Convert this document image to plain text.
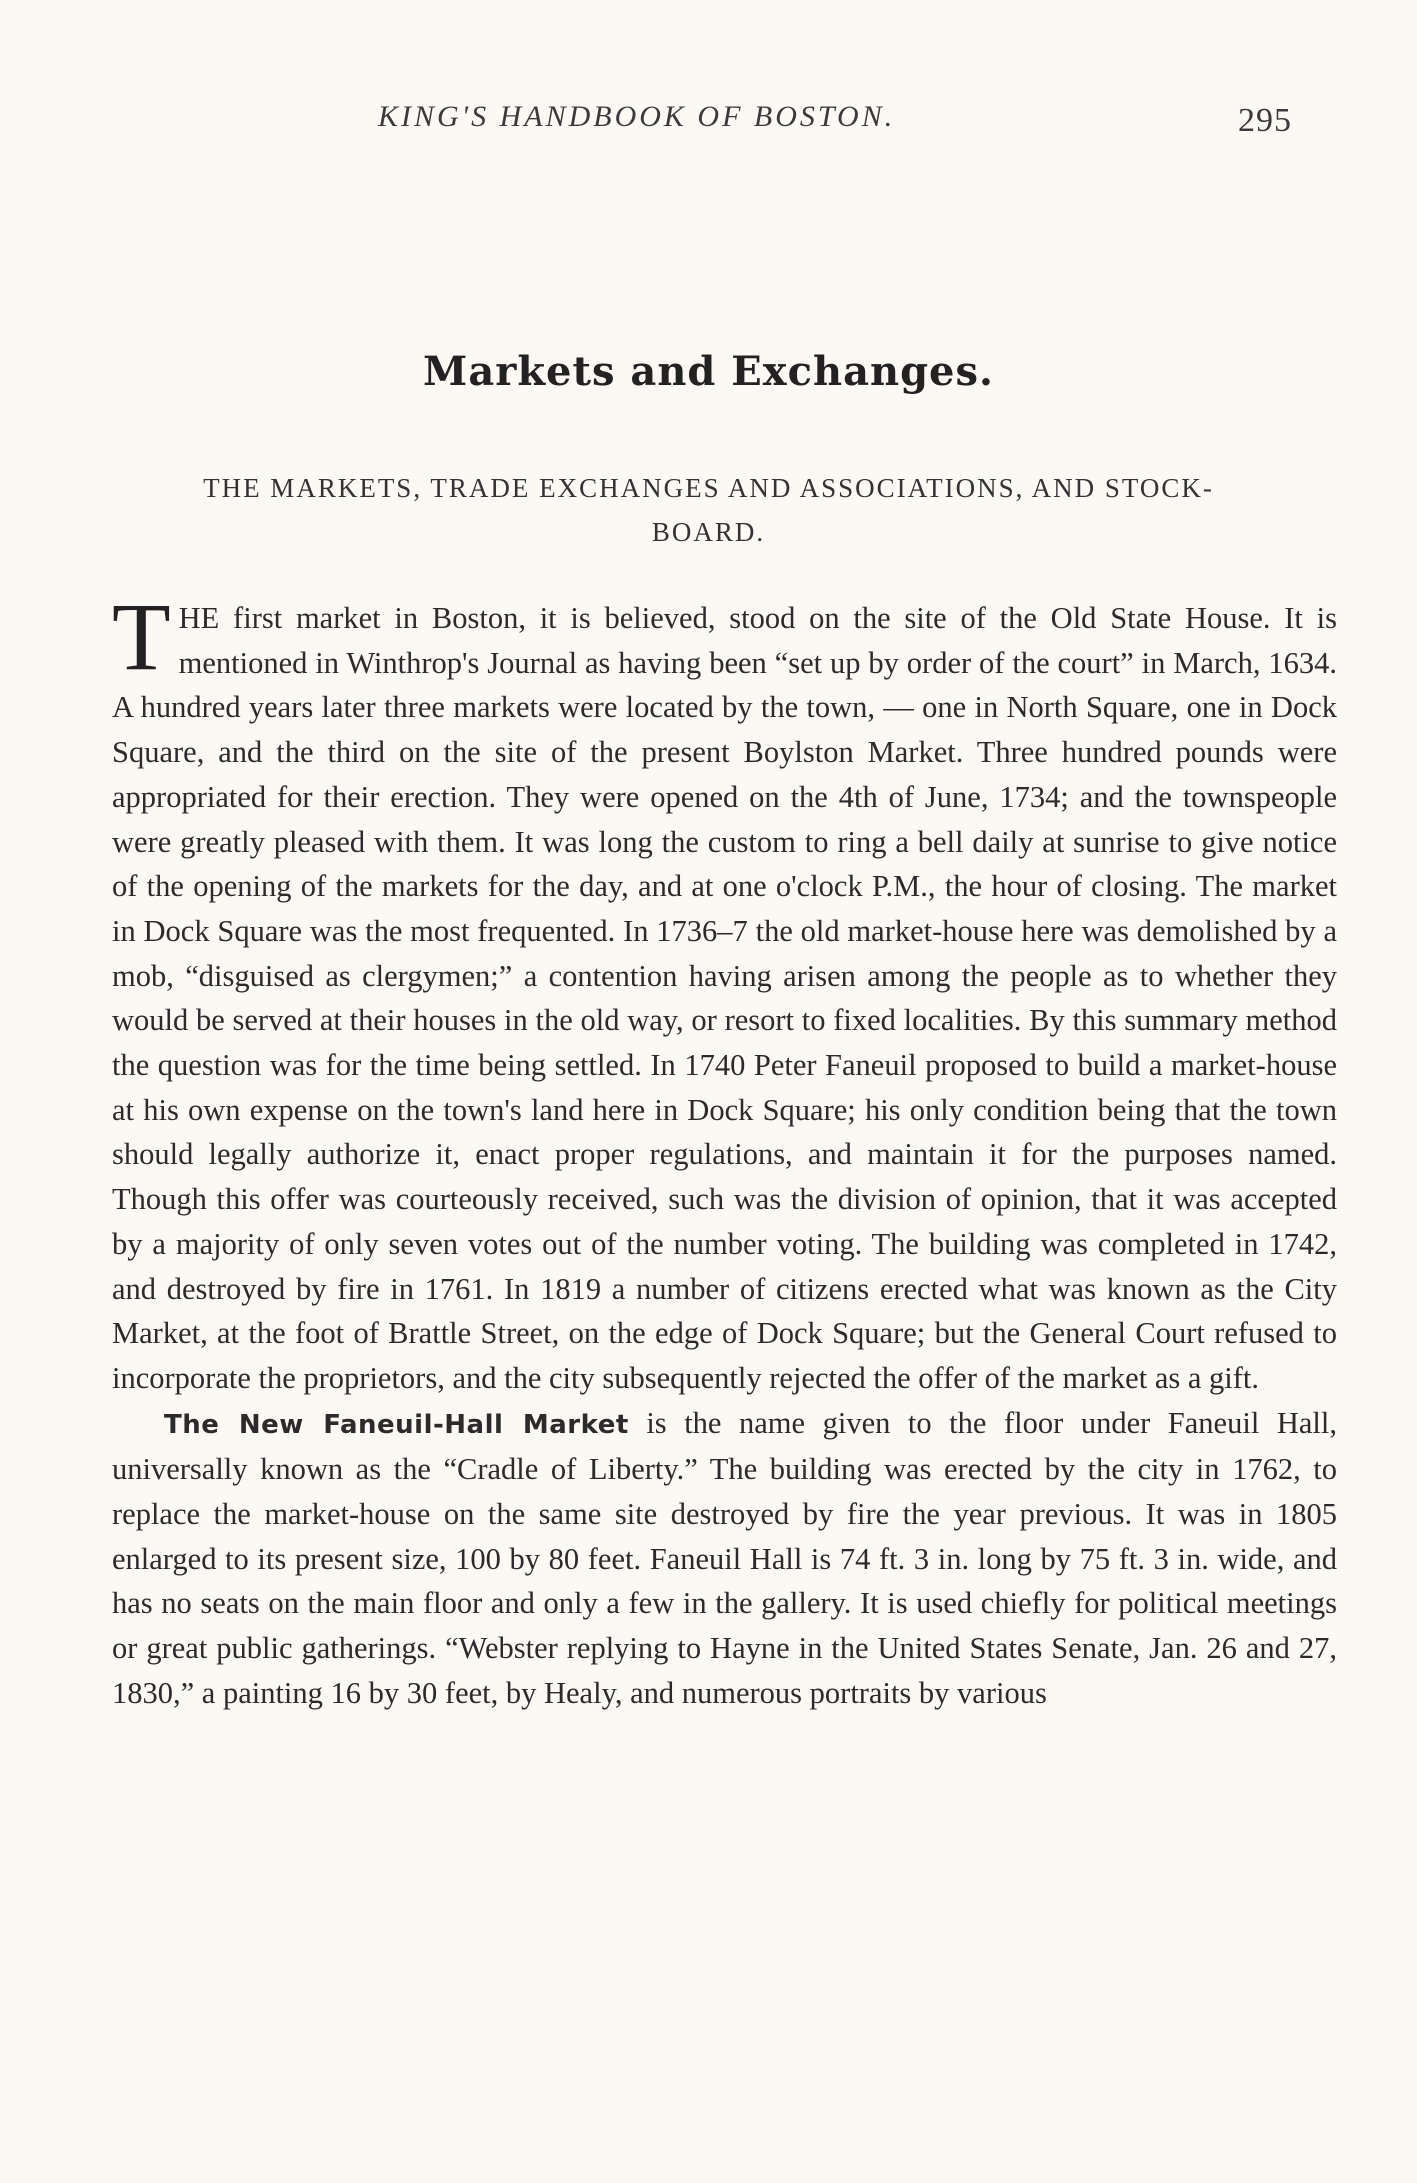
KING'S HANDBOOK OF BOSTON.	295
Markets and Exchanges.
THE MARKETS, TRADE EXCHANGES AND ASSOCIATIONS, AND STOCK-BOARD.

THE first market in Boston, it is believed, stood on the site of the Old State House. It is mentioned in Winthrop's Journal as having been “set up by order of the court” in March, 1634. A hundred years later three markets were located by the town, — one in North Square, one in Dock Square, and the third on the site of the present Boylston Market. Three hundred pounds were appropriated for their erection. They were opened on the 4th of June, 1734; and the townspeople were greatly pleased with them. It was long the custom to ring a bell daily at sunrise to give notice of the opening of the markets for the day, and at one o'clock P.M., the hour of closing. The market in Dock Square was the most frequented. In 1736–7 the old market-house here was demolished by a mob, “disguised as clergymen;” a contention having arisen among the people as to whether they would be served at their houses in the old way, or resort to fixed localities. By this summary method the question was for the time being settled. In 1740 Peter Faneuil proposed to build a market-house at his own expense on the town's land here in Dock Square; his only condition being that the town should legally authorize it, enact proper regulations, and maintain it for the purposes named. Though this offer was courteously received, such was the division of opinion, that it was accepted by a majority of only seven votes out of the number voting. The building was completed in 1742, and destroyed by fire in 1761. In 1819 a number of citizens erected what was known as the City Market, at the foot of Brattle Street, on the edge of Dock Square; but the General Court refused to incorporate the proprietors, and the city subsequently rejected the offer of the market as a gift.

The New Faneuil-Hall Market is the name given to the floor under Faneuil Hall, universally known as the “Cradle of Liberty.” The building was erected by the city in 1762, to replace the market-house on the same site destroyed by fire the year previous. It was in 1805 enlarged to its present size, 100 by 80 feet. Faneuil Hall is 74 ft. 3 in. long by 75 ft. 3 in. wide, and has no seats on the main floor and only a few in the gallery. It is used chiefly for political meetings or great public gatherings. “Webster replying to Hayne in the United States Senate, Jan. 26 and 27, 1830,” a painting 16 by 30 feet, by Healy, and numerous portraits by various
